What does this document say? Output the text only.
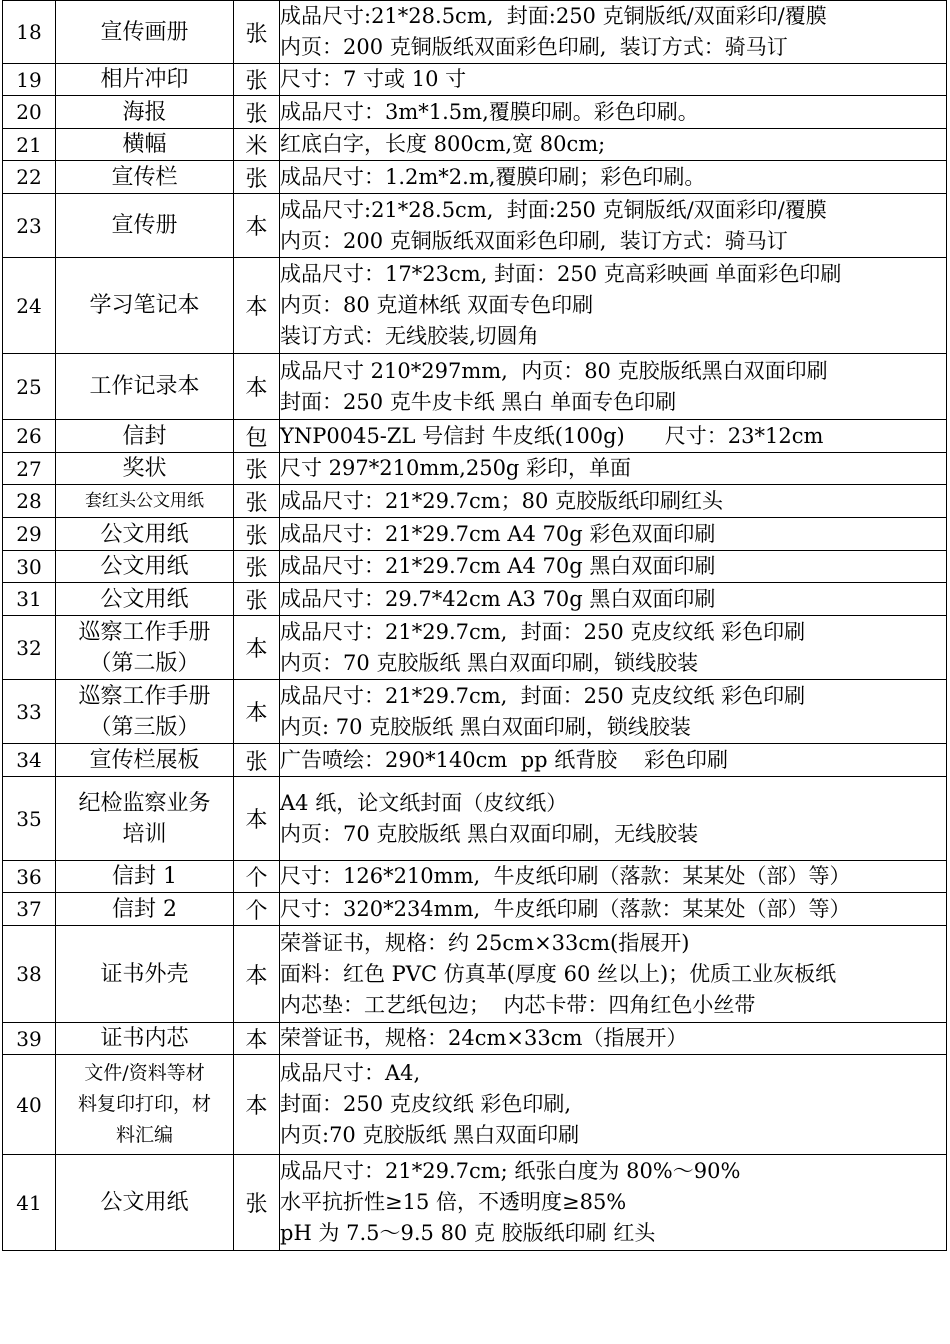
18	宣传画册	张	成品尺寸:21*28.5cm,  封面:250 克铜版纸/双面彩印/覆膜
内页：200 克铜版纸双面彩色印刷,  装订方式：骑马订

19	相片冲印	张	尺寸：7 寸或 10 寸

20	海报	张	成品尺寸：3m*1.5m,覆膜印刷。彩色印刷。

21	横幅	米	红底白字，长度 800cm,宽 80cm;

22	宣传栏	张	成品尺寸：1.2m*2.m,覆膜印刷；彩色印刷。

23	宣传册	本	成品尺寸:21*28.5cm,  封面:250 克铜版纸/双面彩印/覆膜
内页：200 克铜版纸双面彩色印刷,  装订方式：骑马订

24	学习笔记本	本	成品尺寸：17*23cm, 封面：250 克高彩映画 单面彩色印刷
内页：80 克道林纸 双面专色印刷
装订方式：无线胶装,切圆角

25	工作记录本	本	成品尺寸 210*297mm,  内页：80 克胶版纸黑白双面印刷
封面：250 克牛皮卡纸 黑白 单面专色印刷

26	信封	包	YNP0045-ZL 号信封 牛皮纸(100g)      尺寸：23*12cm

27	奖状	张	尺寸 297*210mm,250g 彩印，单面

28	套红头公文用纸	张	成品尺寸：21*29.7cm；80 克胶版纸印刷红头

29	公文用纸	张	成品尺寸：21*29.7cm A4 70g 彩色双面印刷

30	公文用纸	张	成品尺寸：21*29.7cm A4 70g 黑白双面印刷

31	公文用纸	张	成品尺寸：29.7*42cm A3 70g 黑白双面印刷

32	巡察工作手册
（第二版）	本	成品尺寸：21*29.7cm,  封面：250 克皮纹纸 彩色印刷
内页：70 克胶版纸 黑白双面印刷，锁线胶装

33	巡察工作手册
（第三版）	本	成品尺寸：21*29.7cm,  封面：250 克皮纹纸 彩色印刷
内页: 70 克胶版纸 黑白双面印刷，锁线胶装

34	宣传栏展板	张	广告喷绘：290*140cm  pp 纸背胶    彩色印刷

35	纪检监察业务
培训	本	A4 纸，论文纸封面（皮纹纸）
内页：70 克胶版纸 黑白双面印刷，无线胶装

36	信封 1	个	尺寸：126*210mm,  牛皮纸印刷（落款：某某处（部）等）

37	信封 2	个	尺寸：320*234mm,  牛皮纸印刷（落款：某某处（部）等）

38	证书外壳	本	荣誉证书，规格：约 25cm×33cm(指展开)
面料：红色 PVC 仿真革(厚度 60 丝以上)；优质工业灰板纸
内芯垫：工艺纸包边；  内芯卡带：四角红色小丝带

39	证书内芯	本	荣誉证书，规格：24cm×33cm（指展开）

40	文件/资料等材
料复印打印，材
料汇编	本	成品尺寸：A4,
封面：250 克皮纹纸 彩色印刷,
内页:70 克胶版纸 黑白双面印刷

41	公文用纸	张	成品尺寸：21*29.7cm; 纸张白度为 80%～90%
水平抗折性≥15 倍，不透明度≥85%
pH 为 7.5～9.5 80 克 胶版纸印刷 红头
